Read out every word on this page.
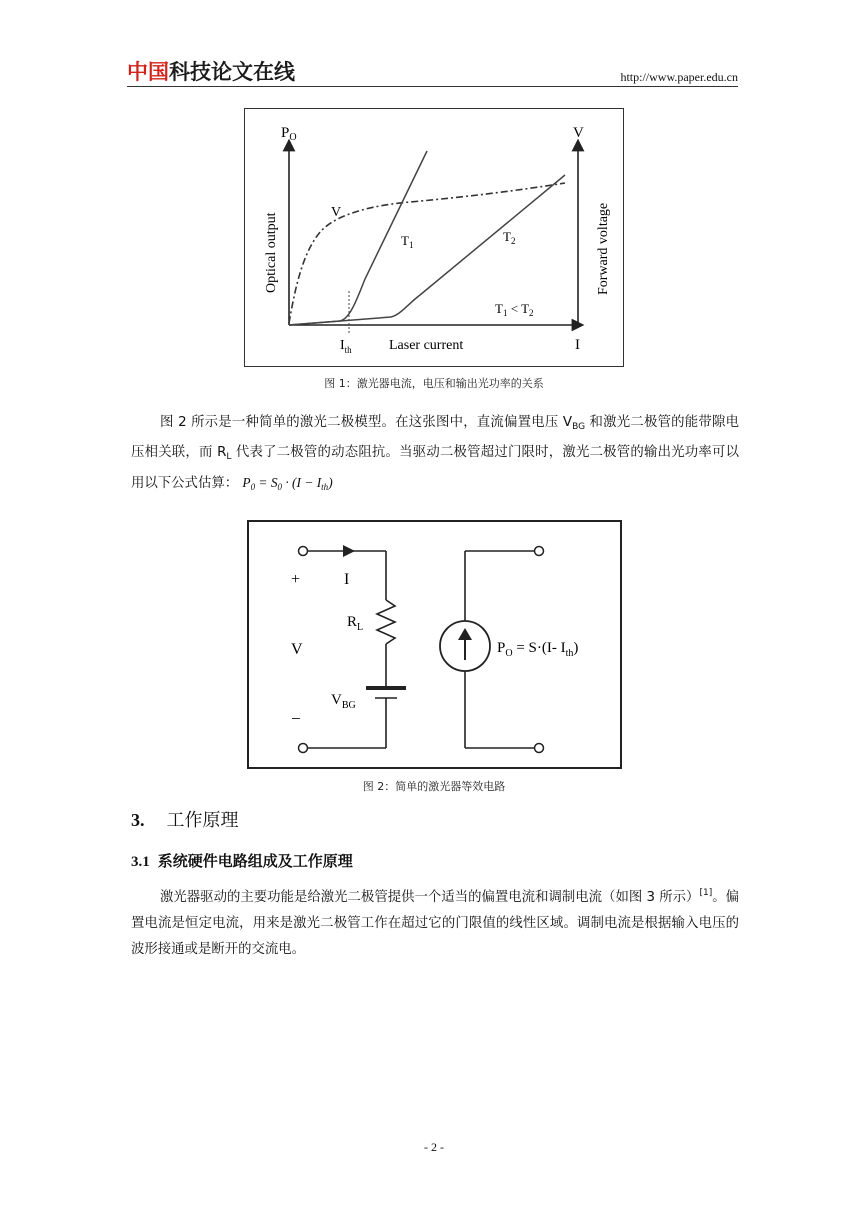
中国科技论文在线	http://www.paper.edu.cn
$P_O$
Optical output
V
Forward voltage
Laser current	I
$I_{th}$
V
$T_1$
$T_2$
$T_1 < T_2$
图 1：激光器电流，电压和输出光功率的关系
图 2 所示是一种简单的激光二极模型。在这张图中，直流偏置电压 $V_{BG}$ 和激光二极管的能带隙电压相关联，而 $R_L$ 代表了二极管的动态阻抗。当驱动二极管超过门限时，激光二极管的输出光功率可以用以下公式估算： $P_0 = S_0 \cdot (I - I_{th})$
+
−
I
V
$R_L$
$V_{BG}$
$P_O = S\cdot(I-$ $I_{th}$)
图 2：简单的激光器等效电路
3. 工作原理
3.1 系统硬件电路组成及工作原理
激光器驱动的主要功能是给激光二极管提供一个适当的偏置电流和调制电流（如图 3 所示）[1]。偏置电流是恒定电流，用来是激光二极管工作在超过它的门限值的线性区域。调制电流是根据输入电压的波形接通或是断开的交流电。
- 2 -
